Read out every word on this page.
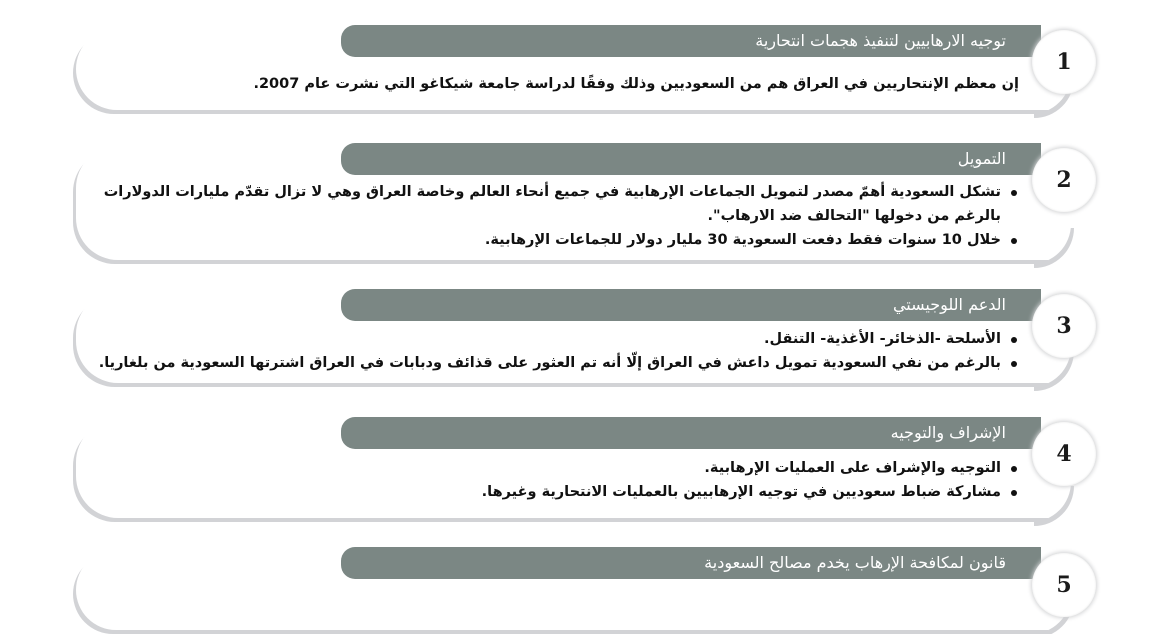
توجيه الارهابيين لتنفيذ هجمات انتحارية
1
إن معظم الإنتحاريين في العراق هم من السعوديين وذلك وفقًا لدراسة جامعة شيكاغو التي نشرت عام 2007.
التمويل
2
تشكل السعودية أهمّ مصدر لتمويل الجماعات الإرهابية في جميع أنحاء العالم وخاصة العراق وهي لا تزال تقدّم مليارات الدولارات بالرغم من دخولها "التحالف ضد الارهاب".
خلال 10 سنوات فقط دفعت السعودية 30 مليار دولار للجماعات الإرهابية.
الدعم اللوجيستي
3
الأسلحة -الذخائر- الأغذية- التنقل.
بالرغم من نفي السعودية تمويل داعش في العراق إلّا أنه تم العثور على قذائف ودبابات في العراق اشترتها السعودية من بلغاريا.
الإشراف والتوجيه
4
التوجيه والإشراف على العمليات الإرهابية.
مشاركة ضباط سعوديين في توجيه الإرهابيين بالعمليات الانتحارية وغيرها.
قانون لمكافحة الإرهاب يخدم مصالح السعودية
5
